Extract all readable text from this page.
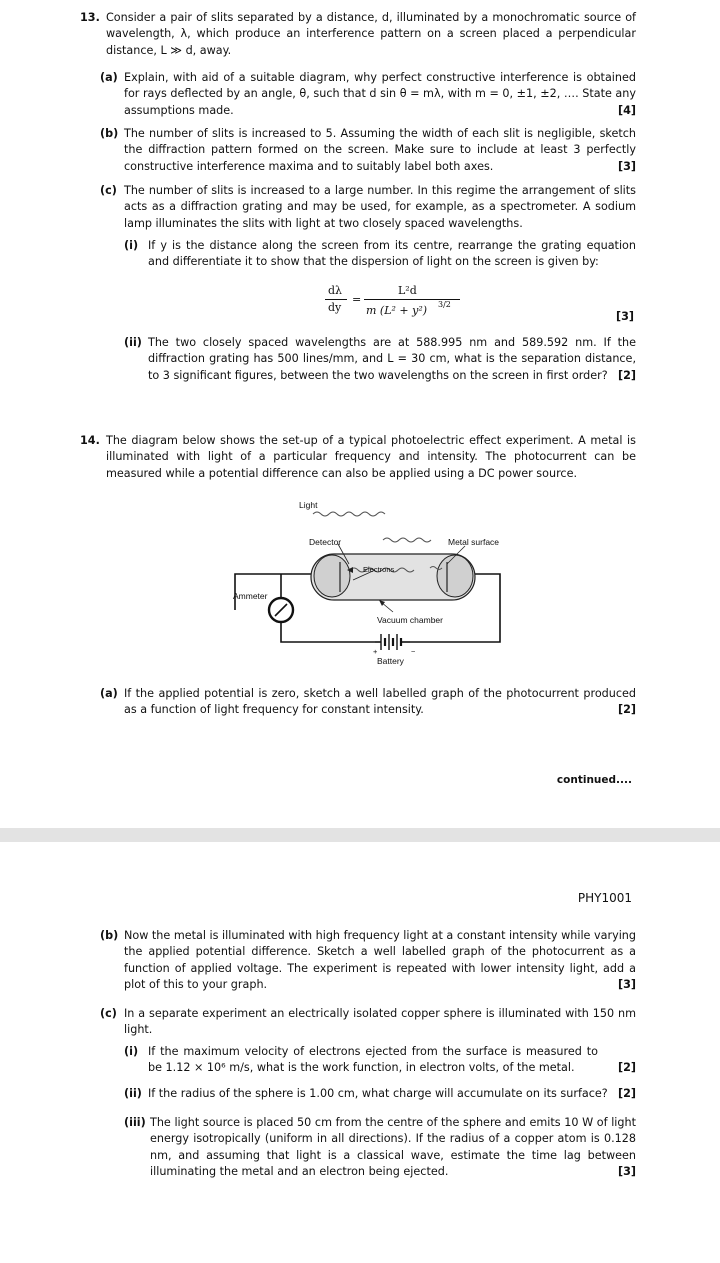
13. Consider a pair of slits separated by a distance, d, illuminated by a monochromatic source of wavelength, λ, which produce an interference pattern on a screen placed a perpendicular distance, L ≫ d, away.
(a) Explain, with aid of a suitable diagram, why perfect constructive interference is obtained for rays deflected by an angle, θ, such that d sin θ = mλ, with m = 0, ±1, ±2, …. State any assumptions made.	[4]
(b) The number of slits is increased to 5. Assuming the width of each slit is negligible, sketch the diffraction pattern formed on the screen. Make sure to include at least 3 perfectly constructive interference maxima and to suitably label both axes.	[3]
(c) The number of slits is increased to a large number. In this regime the arrangement of slits acts as a diffraction grating and may be used, for example, as a spectrometer. A sodium lamp illuminates the slits with light at two closely spaced wavelengths.
(i) If y is the distance along the screen from its centre, rearrange the grating equation and differentiate it to show that the dispersion of light on the screen is given by:
dλ
dy
=
L²d
m (L² + y²) 3/2
[3]
(ii) The two closely spaced wavelengths are at 588.995 nm and 589.592 nm. If the diffraction grating has 500 lines/mm, and L = 30 cm, what is the separation distance, to 3 significant figures, between the two wavelengths on the screen in first order? [2]
14. The diagram below shows the set-up of a typical photoelectric effect experiment. A metal is illuminated with light of a particular frequency and intensity. The photocurrent can be measured while a potential difference can also be applied using a DC power source.
Light
Detector	Metal surface
Electrons
Ammeter
Vacuum chamber
+	−
Battery
(a) If the applied potential is zero, sketch a well labelled graph of the photocurrent produced as a function of light frequency for constant intensity.	[2]
continued....
PHY1001
(b) Now the metal is illuminated with high frequency light at a constant intensity while varying the applied potential difference. Sketch a well labelled graph of the photocurrent as a function of applied voltage. The experiment is repeated with lower intensity light, add a plot of this to your graph.	[3]
(c) In a separate experiment an electrically isolated copper sphere is illuminated with 150 nm light.
(i) If the maximum velocity of electrons ejected from the surface is measured to be 1.12 × 10⁶ m/s, what is the work function, in electron volts, of the metal.	[2]
(ii) If the radius of the sphere is 1.00 cm, what charge will accumulate on its surface? [2]
(iii) The light source is placed 50 cm from the centre of the sphere and emits 10 W of light energy isotropically (uniform in all directions). If the radius of a copper atom is 0.128 nm, and assuming that light is a classical wave, estimate the time lag between illuminating the metal and an electron being ejected.	[3]
